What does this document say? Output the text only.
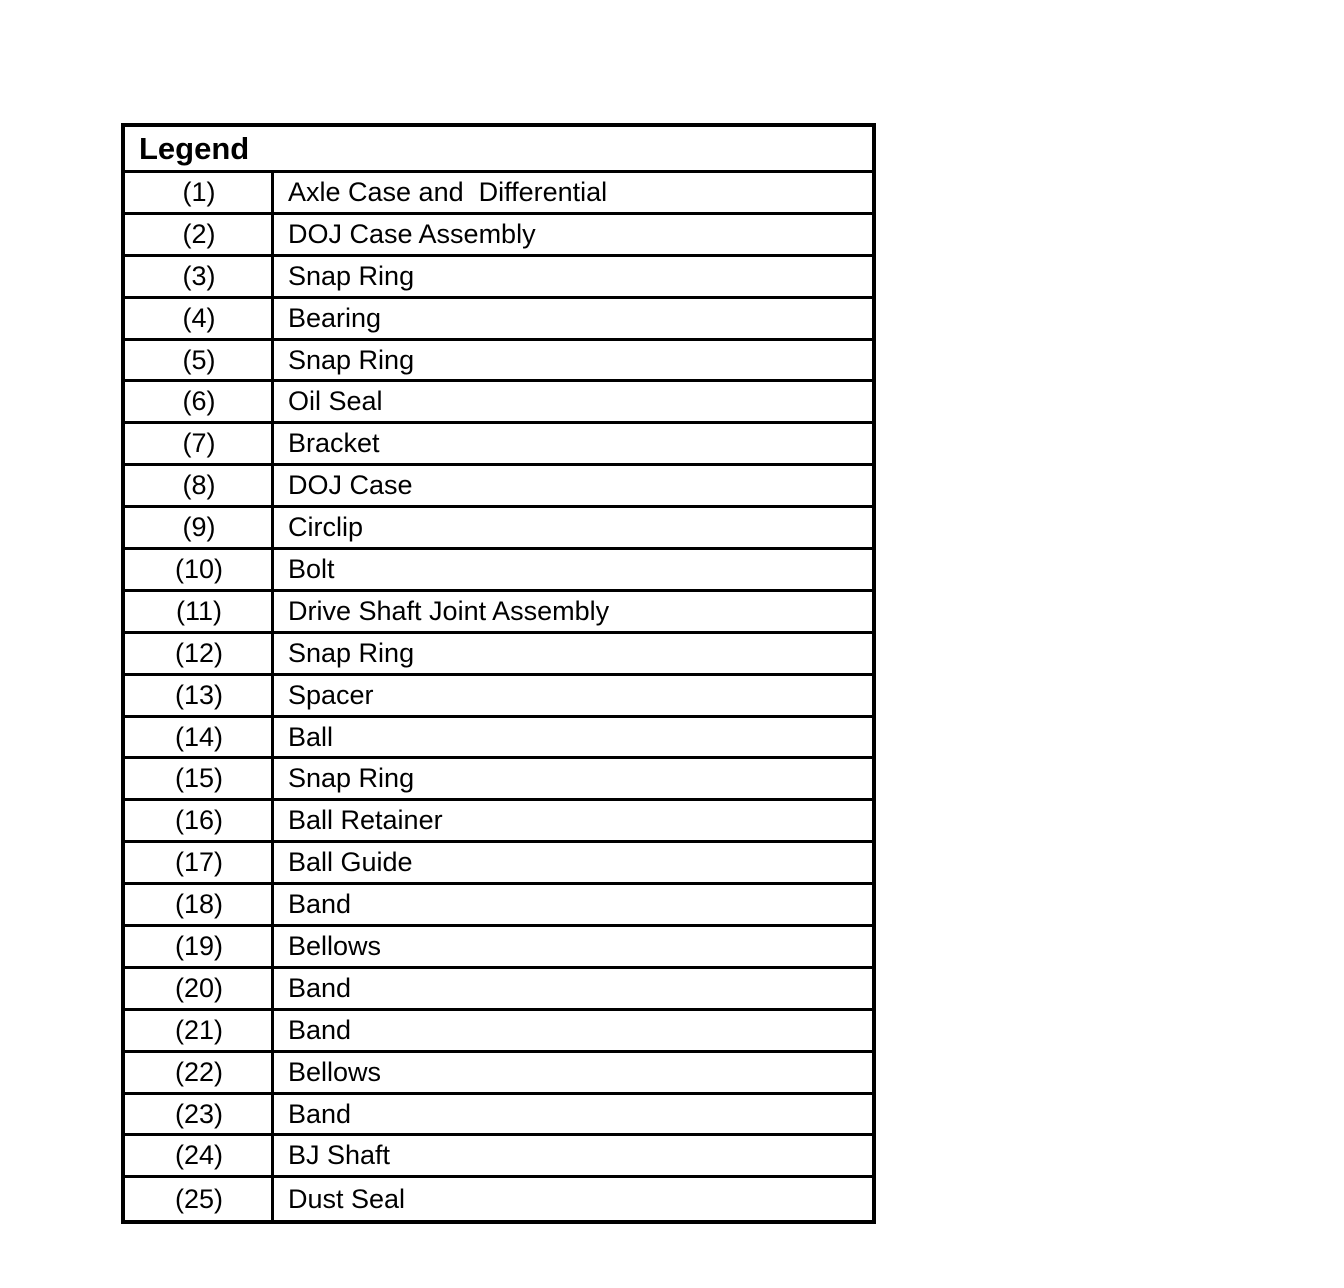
Legend
(1)	Axle Case and  Differential
(2)	DOJ Case Assembly
(3)	Snap Ring
(4)	Bearing
(5)	Snap Ring
(6)	Oil Seal
(7)	Bracket
(8)	DOJ Case
(9)	Circlip
(10)	Bolt
(11)	Drive Shaft Joint Assembly
(12)	Snap Ring
(13)	Spacer
(14)	Ball
(15)	Snap Ring
(16)	Ball Retainer
(17)	Ball Guide
(18)	Band
(19)	Bellows
(20)	Band
(21)	Band
(22)	Bellows
(23)	Band
(24)	BJ Shaft
(25)	Dust Seal
